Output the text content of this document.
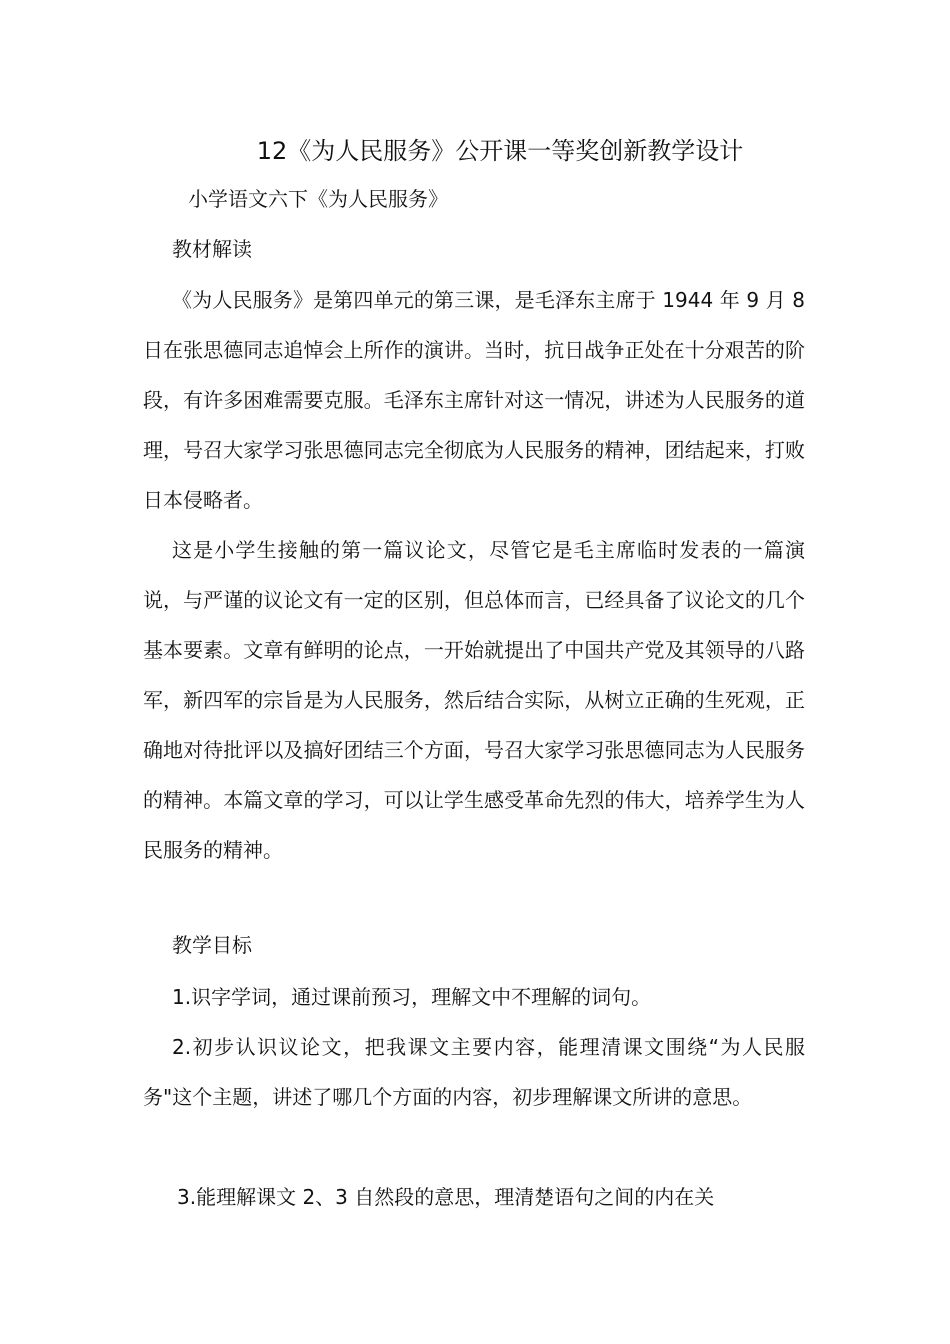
12《为人民服务》公开课一等奖创新教学设计
小学语文六下《为人民服务》
教材解读
《为人民服务》是第四单元的第三课，是毛泽东主席于 1944 年 9 月 8 日在张思德同志追悼会上所作的演讲。当时，抗日战争正处在十分艰苦的阶段，有许多困难需要克服。毛泽东主席针对这一情况，讲述为人民服务的道理，号召大家学习张思德同志完全彻底为人民服务的精神，团结起来，打败日本侵略者。
这是小学生接触的第一篇议论文，尽管它是毛主席临时发表的一篇演说，与严谨的议论文有一定的区别，但总体而言，已经具备了议论文的几个基本要素。文章有鲜明的论点，一开始就提出了中国共产党及其领导的八路军，新四军的宗旨是为人民服务，然后结合实际，从树立正确的生死观，正确地对待批评以及搞好团结三个方面，号召大家学习张思德同志为人民服务的精神。本篇文章的学习，可以让学生感受革命先烈的伟大，培养学生为人民服务的精神。
教学目标
1.识字学词，通过课前预习，理解文中不理解的词句。
2.初步认识议论文，把我课文主要内容，能理清课文围绕“为人民服务"这个主题，讲述了哪几个方面的内容，初步理解课文所讲的意思。
3.能理解课文 2、3 自然段的意思，理清楚语句之间的内在关
